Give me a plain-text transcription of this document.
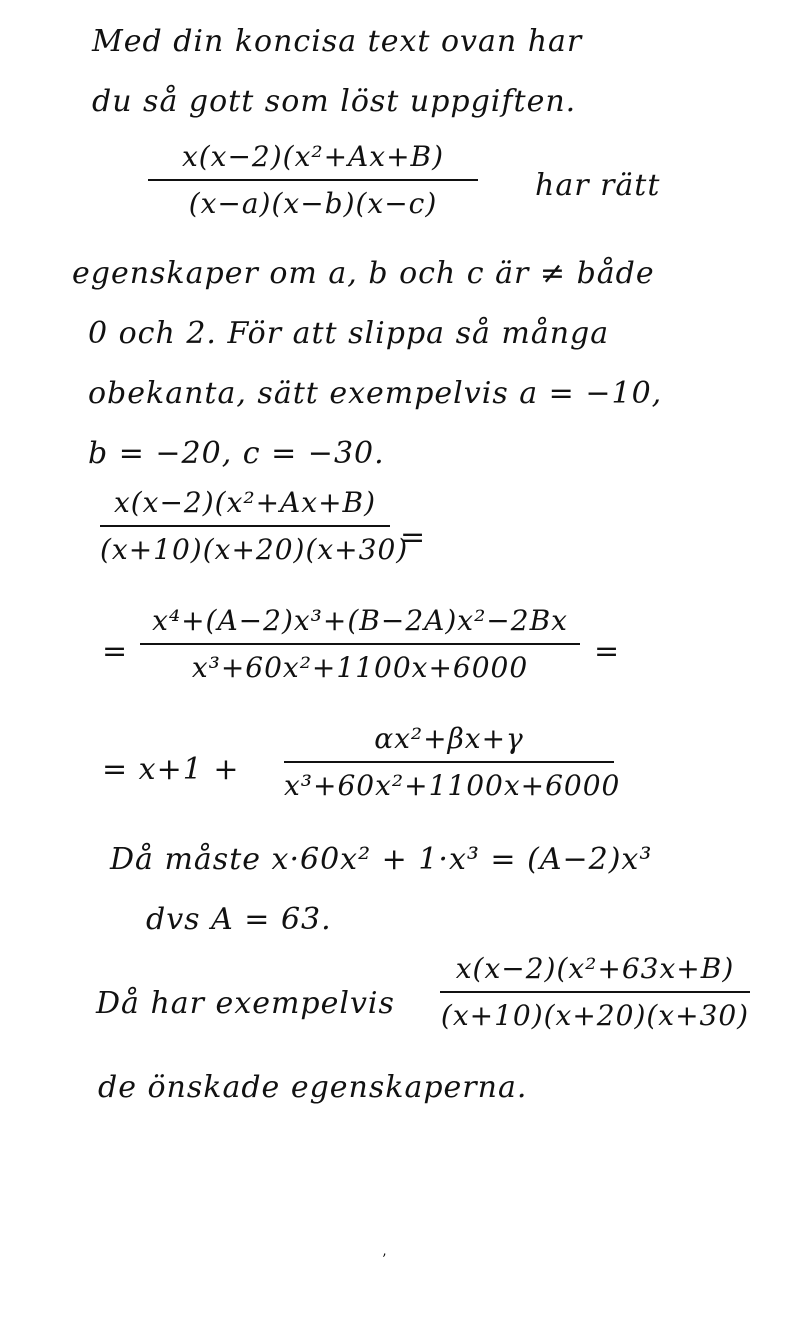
Med din koncisa text ovan har
du så gott som löst uppgiften.
x(x−2)(x²+Ax+B)
(x−a)(x−b)(x−c)
har rätt
egenskaper om a, b och c är ≠ både
0 och 2. För att slippa så många
obekanta, sätt exempelvis a = −10,
b = −20, c = −30.
x(x−2)(x²+Ax+B)
(x+10)(x+20)(x+30)
=
=
x⁴+(A−2)x³+(B−2A)x²−2Bx
x³+60x²+1100x+6000	=
= x+1 +
αx²+βx+γ
x³+60x²+1100x+6000
Då måste x·60x² + 1·x³ = (A−2)x³
dvs A = 63.
Då har exempelvis
x(x−2)(x²+63x+B)
(x+10)(x+20)(x+30)
de önskade egenskaperna.
’
